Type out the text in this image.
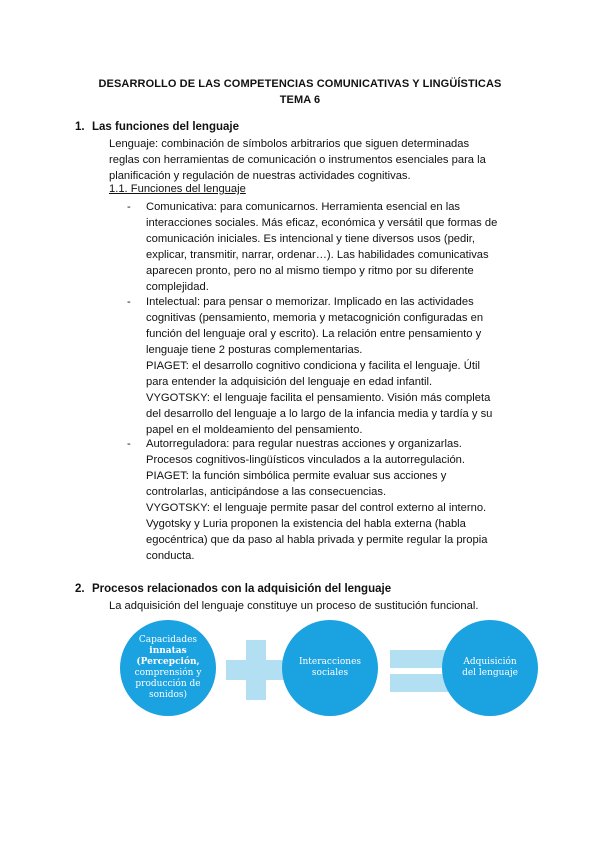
DESARROLLO DE LAS COMPETENCIAS COMUNICATIVAS Y LINGÜÍSTICAS
TEMA 6
1. Las funciones del lenguaje
Lenguaje: combinación de símbolos arbitrarios que siguen determinadas
reglas con herramientas de comunicación o instrumentos esenciales para la
planificación y regulación de nuestras actividades cognitivas.
1.1. Funciones del lenguaje
- Comunicativa: para comunicarnos. Herramienta esencial en las
interacciones sociales. Más eficaz, económica y versátil que formas de
comunicación iniciales. Es intencional y tiene diversos usos (pedir,
explicar, transmitir, narrar, ordenar…). Las habilidades comunicativas
aparecen pronto, pero no al mismo tiempo y ritmo por su diferente
complejidad.
- Intelectual: para pensar o memorizar. Implicado en las actividades
cognitivas (pensamiento, memoria y metacognición configuradas en
función del lenguaje oral y escrito). La relación entre pensamiento y
lenguaje tiene 2 posturas complementarias.
PIAGET: el desarrollo cognitivo condiciona y facilita el lenguaje. Útil
para entender la adquisición del lenguaje en edad infantil.
VYGOTSKY: el lenguaje facilita el pensamiento. Visión más completa
del desarrollo del lenguaje a lo largo de la infancia media y tardía y su
papel en el moldeamiento del pensamiento.
- Autorreguladora: para regular nuestras acciones y organizarlas.
Procesos cognitivos-lingüísticos vinculados a la autorregulación.
PIAGET: la función simbólica permite evaluar sus acciones y
controlarlas, anticipándose a las consecuencias.
VYGOTSKY: el lenguaje permite pasar del control externo al interno.
Vygotsky y Luria proponen la existencia del habla externa (habla
egocéntrica) que da paso al habla privada y permite regular la propia
conducta.
2. Procesos relacionados con la adquisición del lenguaje
La adquisición del lenguaje constituye un proceso de sustitución funcional.
Capacidades
innatas
(Percepción,
comprensión y
producción de
sonidos)
Interacciones
sociales
Adquisición
del lenguaje
